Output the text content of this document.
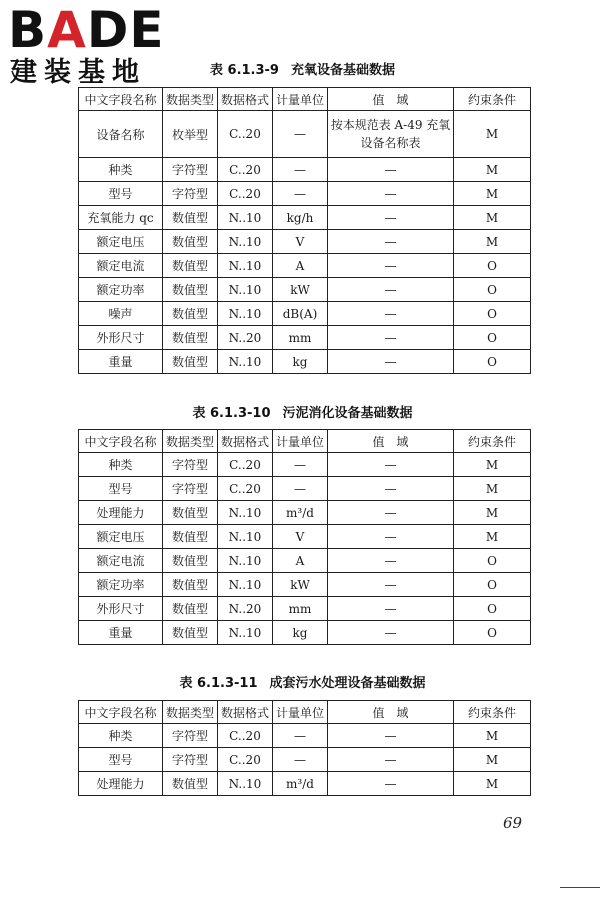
BADE
建装基地	表 6.1.3-9 充氧设备基础数据
中文字段名称	数据类型	数据格式	计量单位	值　域	约束条件
设备名称	枚举型	C..20	—	按本规范表 A-49 充氧设备名称表	M
种类	字符型	C..20	—	—	M
型号	字符型	C..20	—	—	M
充氧能力 qc	数值型	N..10	kg/h	—	M
额定电压	数值型	N..10	V	—	M
额定电流	数值型	N..10	A	—	O
额定功率	数值型	N..10	kW	—	O
噪声	数值型	N..10	dB(A)	—	O
外形尺寸	数值型	N..20	mm	—	O
重量	数值型	N..10	kg	—	O
表 6.1.3-10 污泥消化设备基础数据
中文字段名称	数据类型	数据格式	计量单位	值　域	约束条件
种类	字符型	C..20	—	—	M
型号	字符型	C..20	—	—	M
处理能力	数值型	N..10	m³/d	—	M
额定电压	数值型	N..10	V	—	M
额定电流	数值型	N..10	A	—	O
额定功率	数值型	N..10	kW	—	O
外形尺寸	数值型	N..20	mm	—	O
重量	数值型	N..10	kg	—	O
表 6.1.3-11 成套污水处理设备基础数据
中文字段名称	数据类型	数据格式	计量单位	值　域	约束条件
种类	字符型	C..20	—	—	M
型号	字符型	C..20	—	—	M
处理能力	数值型	N..10	m³/d	—	M
69
